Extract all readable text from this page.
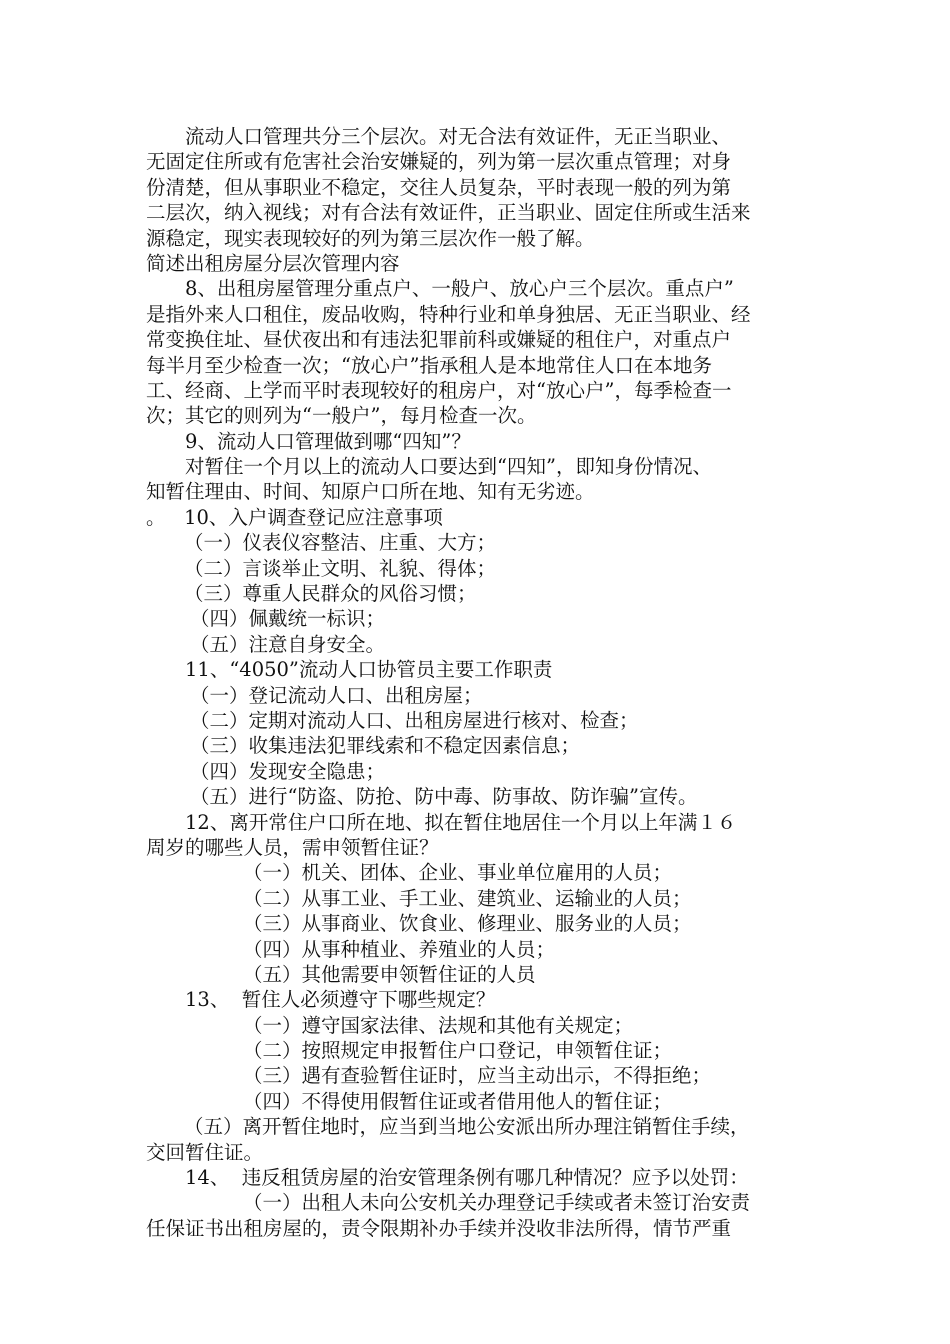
流动人口管理共分三个层次。对无合法有效证件，无正当职业、
无固定住所或有危害社会治安嫌疑的，列为第一层次重点管理；对身
份清楚，但从事职业不稳定，交往人员复杂，平时表现一般的列为第
二层次，纳入视线；对有合法有效证件，正当职业、固定住所或生活来
源稳定，现实表现较好的列为第三层次作一般了解。
简述出租房屋分层次管理内容
8、出租房屋管理分重点户、一般户、放心户三个层次。重点户”
是指外来人口租住，废品收购，特种行业和单身独居、无正当职业、经
常变换住址、昼伏夜出和有违法犯罪前科或嫌疑的租住户，对重点户
每半月至少检查一次；“放心户”指承租人是本地常住人口在本地务
工、经商、上学而平时表现较好的租房户，对“放心户”，每季检查一
次；其它的则列为“一般户”，每月检查一次。
9、流动人口管理做到哪“四知”？
对暂住一个月以上的流动人口要达到“四知”，即知身份情况、
知暂住理由、时间、知原户口所在地、知有无劣迹。
。   10、入户调查登记应注意事项
（一）仪表仪容整洁、庄重、大方；
（二）言谈举止文明、礼貌、得体；
（三）尊重人民群众的风俗习惯；
（四）佩戴统一标识；
（五）注意自身安全。
11、“4050”流动人口协管员主要工作职责
（一）登记流动人口、出租房屋；
（二）定期对流动人口、出租房屋进行核对、检查；
（三）收集违法犯罪线索和不稳定因素信息；
（四）发现安全隐患；
（五）进行“防盗、防抢、防中毒、防事故、防诈骗”宣传。
12、离开常住户口所在地、拟在暂住地居住一个月以上年满１６
周岁的哪些人员，需申领暂住证？
（一）机关、团体、企业、事业单位雇用的人员；
（二）从事工业、手工业、建筑业、运输业的人员；
（三）从事商业、饮食业、修理业、服务业的人员；
（四）从事种植业、养殖业的人员；
（五）其他需要申领暂住证的人员
13、  暂住人必须遵守下哪些规定？
（一）遵守国家法律、法规和其他有关规定；
（二）按照规定申报暂住户口登记，申领暂住证；
（三）遇有查验暂住证时，应当主动出示，不得拒绝；
（四）不得使用假暂住证或者借用他人的暂住证；
（五）离开暂住地时，应当到当地公安派出所办理注销暂住手续，
交回暂住证。
14、  违反租赁房屋的治安管理条例有哪几种情况？应予以处罚：
（一）出租人未向公安机关办理登记手续或者未签订治安责
任保证书出租房屋的，责令限期补办手续并没收非法所得，情节严重
